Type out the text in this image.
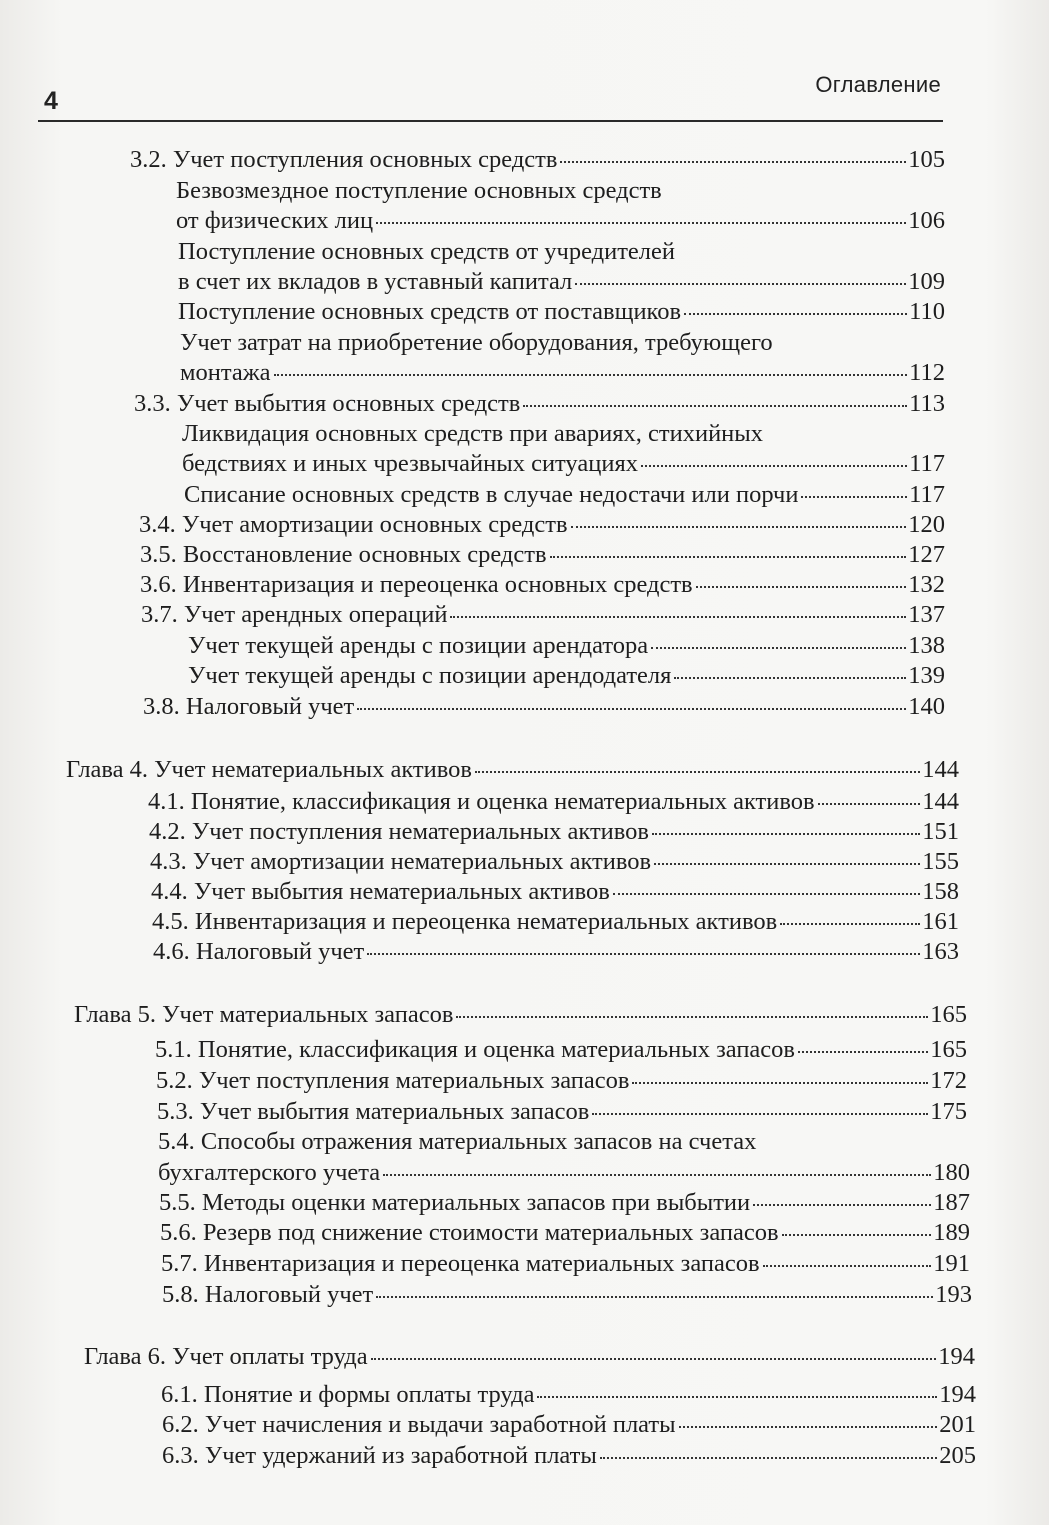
4
Оглавление
3.2. Учет поступления основных средств	105
Безвозмездное поступление основных средств
от физических лиц	106
Поступление основных средств от учредителей
в счет их вкладов в уставный капитал	109
Поступление основных средств от поставщиков	110
Учет затрат на приобретение оборудования, требующего
монтажа	112
3.3. Учет выбытия основных средств	113
Ликвидация основных средств при авариях, стихийных
бедствиях и иных чрезвычайных ситуациях	117
Списание основных средств в случае недостачи или порчи	117
3.4. Учет амортизации основных средств	120
3.5. Восстановление основных средств	127
3.6. Инвентаризация и переоценка основных средств	132
3.7. Учет арендных операций	137
Учет текущей аренды с позиции арендатора	138
Учет текущей аренды с позиции арендодателя	139
3.8. Налоговый учет	140
Глава 4. Учет нематериальных активов	144
4.1. Понятие, классификация и оценка нематериальных активов	144
4.2. Учет поступления нематериальных активов	151
4.3. Учет амортизации нематериальных активов	155
4.4. Учет выбытия нематериальных активов	158
4.5. Инвентаризация и переоценка нематериальных активов	161
4.6. Налоговый учет	163
Глава 5. Учет материальных запасов	165
5.1. Понятие, классификация и оценка материальных запасов	165
5.2. Учет поступления материальных запасов	172
5.3. Учет выбытия материальных запасов	175
5.4. Способы отражения материальных запасов на счетах
бухгалтерского учета	180
5.5. Методы оценки материальных запасов при выбытии	187
5.6. Резерв под снижение стоимости материальных запасов	189
5.7. Инвентаризация и переоценка материальных запасов	191
5.8. Налоговый учет	193
Глава 6. Учет оплаты труда	194
6.1. Понятие и формы оплаты труда	194
6.2. Учет начисления и выдачи заработной платы	201
6.3. Учет удержаний из заработной платы	205
